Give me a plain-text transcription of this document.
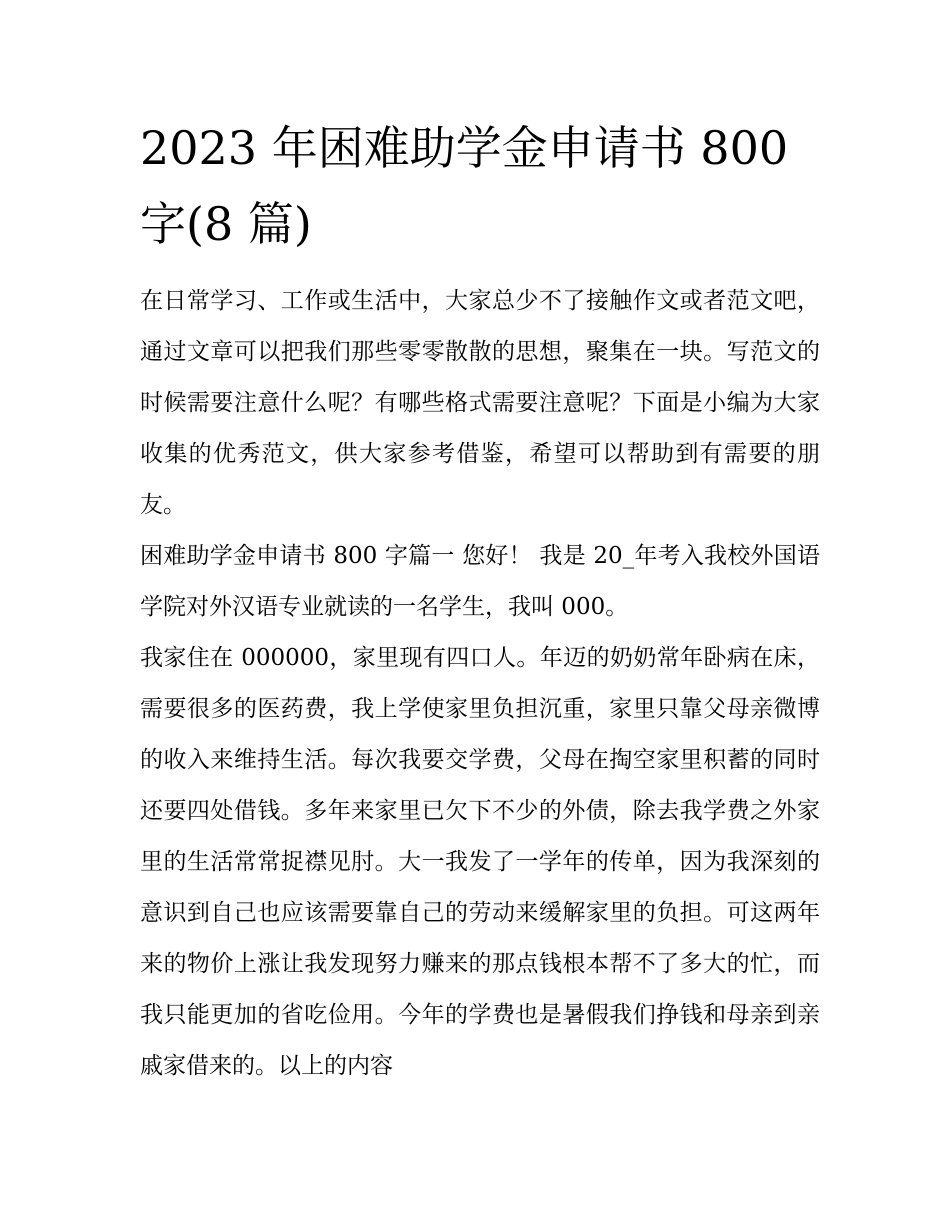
2023 年困难助学金申请书 800 字(8 篇)

在日常学习、工作或生活中，大家总少不了接触作文或者范文吧，通过文章可以把我们那些零零散散的思想，聚集在一块。写范文的时候需要注意什么呢？有哪些格式需要注意呢？下面是小编为大家收集的优秀范文，供大家参考借鉴，希望可以帮助到有需要的朋友。

困难助学金申请书 800 字篇一 您好！ 我是 20_年考入我校外国语学院对外汉语专业就读的一名学生，我叫 000。

我家住在 000000，家里现有四口人。年迈的奶奶常年卧病在床，需要很多的医药费，我上学使家里负担沉重，家里只靠父母亲微博的收入来维持生活。每次我要交学费，父母在掏空家里积蓄的同时还要四处借钱。多年来家里已欠下不少的外债，除去我学费之外家里的生活常常捉襟见肘。大一我发了一学年的传单，因为我深刻的意识到自己也应该需要靠自己的劳动来缓解家里的负担。可这两年来的物价上涨让我发现努力赚来的那点钱根本帮不了多大的忙，而我只能更加的省吃俭用。今年的学费也是暑假我们挣钱和母亲到亲戚家借来的。以上的内容
